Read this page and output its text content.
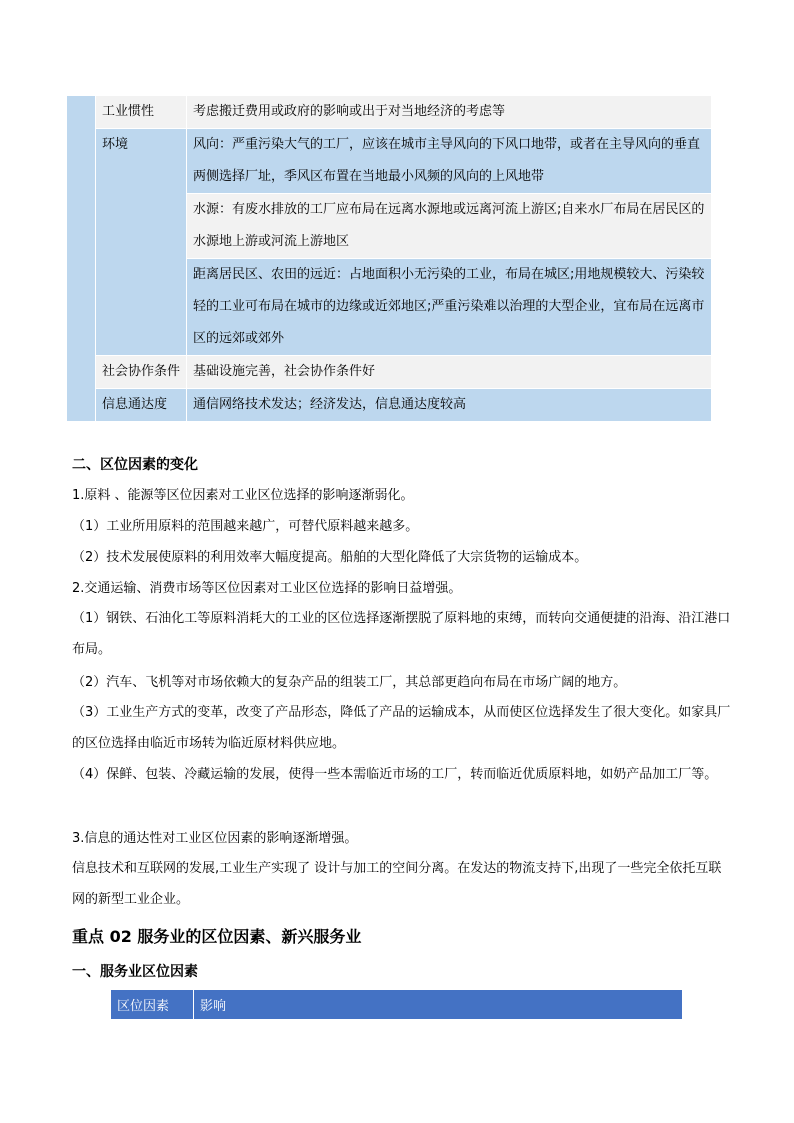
	工业惯性	考虑搬迁费用或政府的影响或出于对当地经济的考虑等
	环境	风向：严重污染大气的工厂，应该在城市主导风向的下风口地带，或者在主导风向的垂直两侧选择厂址，季风区布置在当地最小风频的风向的上风地带
		水源：有废水排放的工厂应布局在远离水源地或远离河流上游区;自来水厂布局在居民区的水源地上游或河流上游地区
		距离居民区、农田的远近：占地面积小无污染的工业，布局在城区;用地规模较大、污染较轻的工业可布局在城市的边缘或近郊地区;严重污染难以治理的大型企业，宜布局在远离市区的远郊或郊外
	社会协作条件	基础设施完善，社会协作条件好
	信息通达度	通信网络技术发达；经济发达，信息通达度较高
二、区位因素的变化
1.原料 、能源等区位因素对工业区位选择的影响逐渐弱化。
（1）工业所用原料的范围越来越广，可替代原料越来越多。
（2）技术发展使原料的利用效率大幅度提高。船舶的大型化降低了大宗货物的运输成本。
2.交通运输、消费市场等区位因素对工业区位选择的影响日益增强。
（1）钢铁、石油化工等原料消耗大的工业的区位选择逐渐摆脱了原料地的束缚，而转向交通便捷的沿海、沿江港口布局。
（2）汽车、飞机等对市场依赖大的复杂产品的组装工厂，其总部更趋向布局在市场广阔的地方。
（3）工业生产方式的变革，改变了产品形态，降低了产品的运输成本，从而使区位选择发生了很大变化。如家具厂的区位选择由临近市场转为临近原材料供应地。
（4）保鲜、包装、冷藏运输的发展，使得一些本需临近市场的工厂，转而临近优质原料地，如奶产品加工厂等。
3.信息的通达性对工业区位因素的影响逐渐增强。
信息技术和互联网的发展,工业生产实现了 设计与加工的空间分离。在发达的物流支持下,出现了一些完全依托互联网的新型工业企业。
重点 02 服务业的区位因素、新兴服务业
一、服务业区位因素
区位因素	影响
